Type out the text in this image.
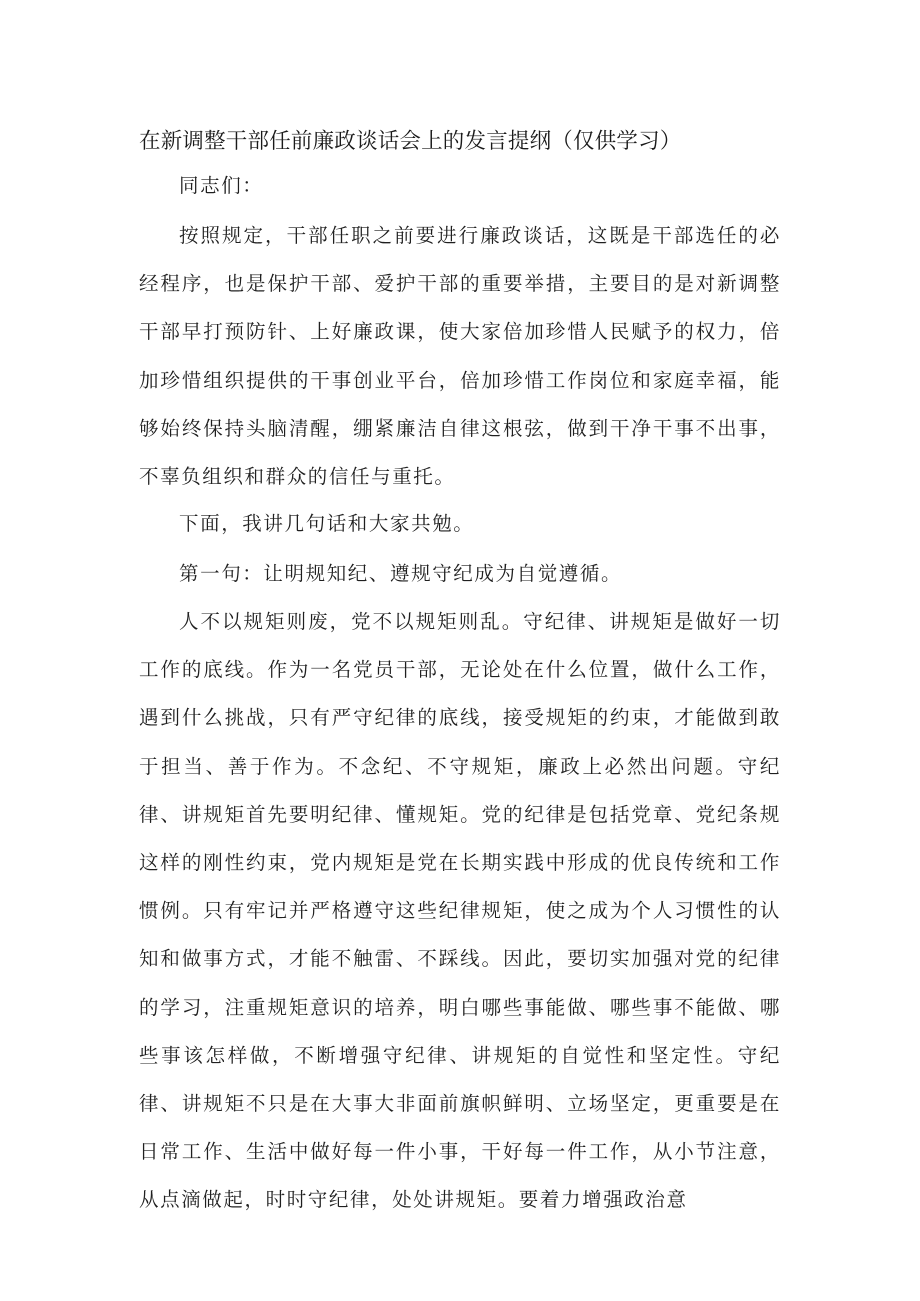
在新调整干部任前廉政谈话会上的发言提纲（仅供学习）

同志们：

按照规定，干部任职之前要进行廉政谈话，这既是干部选任的必经程序，也是保护干部、爱护干部的重要举措，主要目的是对新调整干部早打预防针、上好廉政课，使大家倍加珍惜人民赋予的权力，倍加珍惜组织提供的干事创业平台，倍加珍惜工作岗位和家庭幸福，能够始终保持头脑清醒，绷紧廉洁自律这根弦，做到干净干事不出事，不辜负组织和群众的信任与重托。

下面，我讲几句话和大家共勉。

第一句：让明规知纪、遵规守纪成为自觉遵循。

人不以规矩则废，党不以规矩则乱。守纪律、讲规矩是做好一切工作的底线。作为一名党员干部，无论处在什么位置，做什么工作，遇到什么挑战，只有严守纪律的底线，接受规矩的约束，才能做到敢于担当、善于作为。不念纪、不守规矩，廉政上必然出问题。守纪律、讲规矩首先要明纪律、懂规矩。党的纪律是包括党章、党纪条规这样的刚性约束，党内规矩是党在长期实践中形成的优良传统和工作惯例。只有牢记并严格遵守这些纪律规矩，使之成为个人习惯性的认知和做事方式，才能不触雷、不踩线。因此，要切实加强对党的纪律的学习，注重规矩意识的培养，明白哪些事能做、哪些事不能做、哪些事该怎样做，不断增强守纪律、讲规矩的自觉性和坚定性。守纪律、讲规矩不只是在大事大非面前旗帜鲜明、立场坚定，更重要是在日常工作、生活中做好每一件小事，干好每一件工作，从小节注意，从点滴做起，时时守纪律，处处讲规矩。要着力增强政治意
